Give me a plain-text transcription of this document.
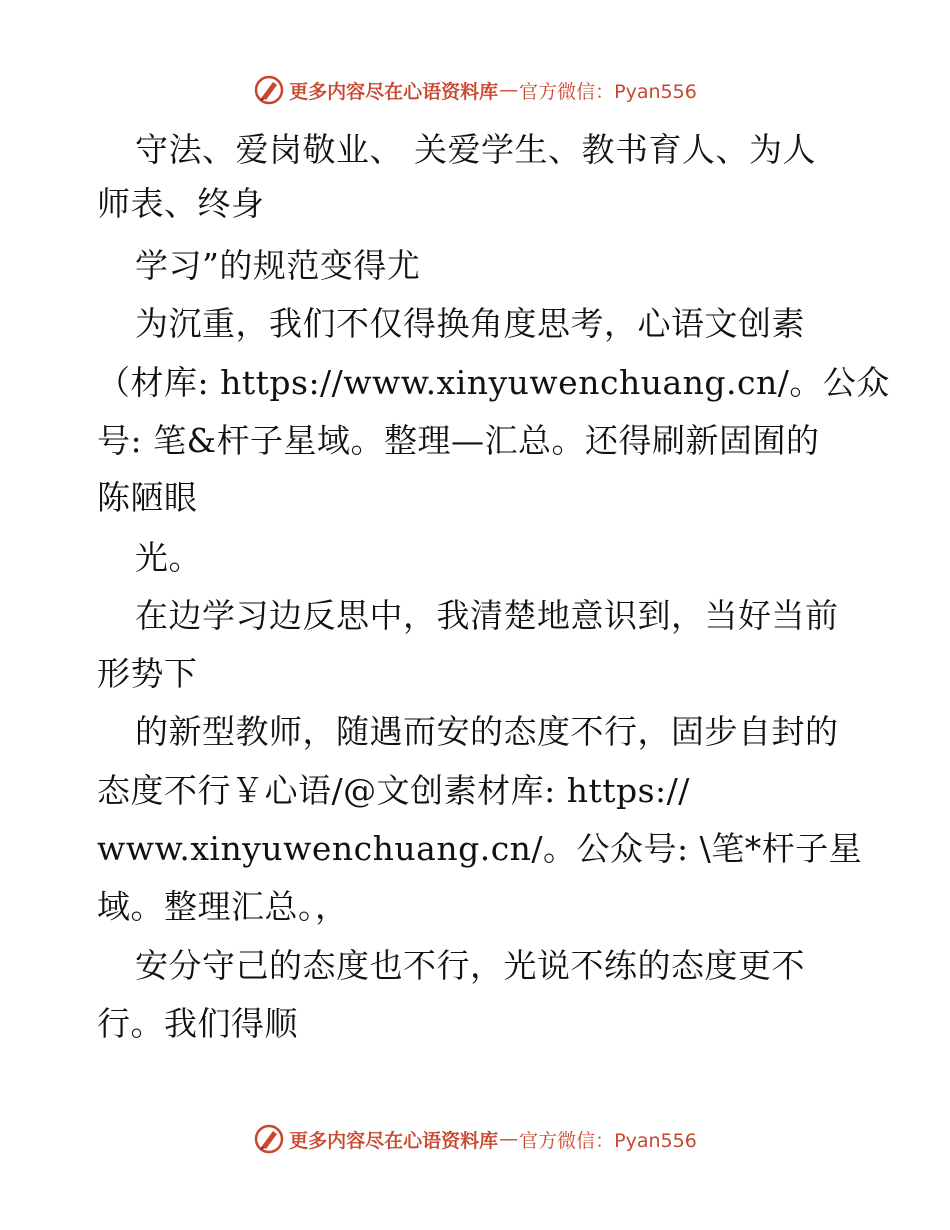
更多内容尽在心语资料库 — 官方微信：Pyan556
守法、爱岗敬业、 关爱学生、教书育人、为人
师表、终身
学习”的规范变得尤
为沉重，我们不仅得换角度思考，心语文创素
（材库: https://www.xinyuwenchuang.cn/。公众
号: 笔&杆子星域。整理—汇总。还得刷新固囿的
陈陋眼
光。
在边学习边反思中，我清楚地意识到，当好当前
形势下
的新型教师，随遇而安的态度不行，固步自封的
态度不行￥心语/@文创素材库: https://
www.xinyuwenchuang.cn/。公众号: \笔*杆子星
域。整理汇总。，
安分守己的态度也不行，光说不练的态度更不
行。我们得顺
更多内容尽在心语资料库 — 官方微信：Pyan556
